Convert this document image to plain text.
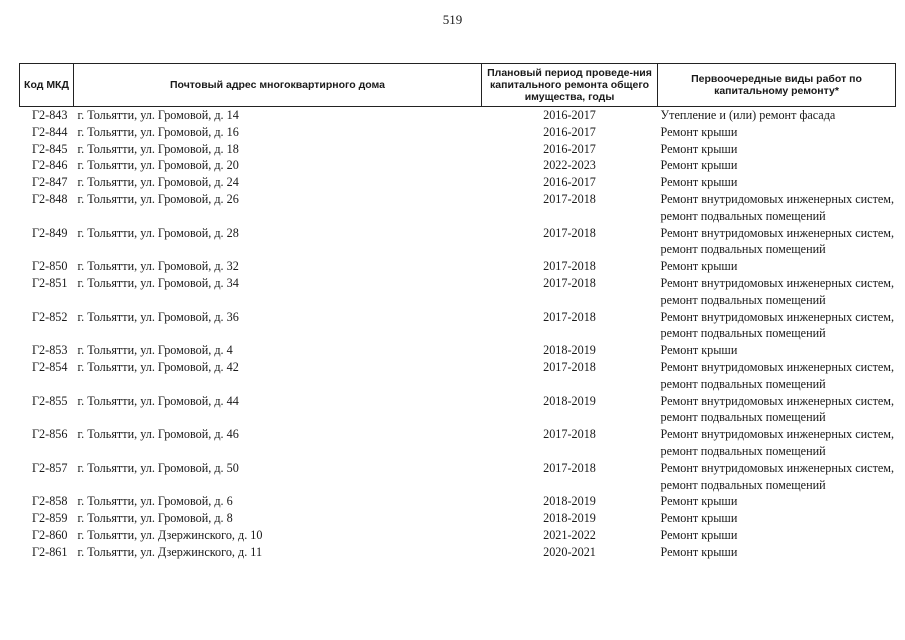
519
Код МКД	Почтовый адрес многоквартирного дома	Плановый период проведе-ния капитального ремонта общего имущества, годы	Первоочередные виды работ по капитальному ремонту*
Г2-843	г. Тольятти, ул. Громовой, д. 14	2016-2017	Утепление и (или) ремонт фасада

Г2-844	г. Тольятти, ул. Громовой, д. 16	2016-2017	Ремонт крыши

Г2-845	г. Тольятти, ул. Громовой, д. 18	2016-2017	Ремонт крыши

Г2-846	г. Тольятти, ул. Громовой, д. 20	2022-2023	Ремонт крыши

Г2-847	г. Тольятти, ул. Громовой, д. 24	2016-2017	Ремонт крыши

Г2-848	г. Тольятти, ул. Громовой, д. 26	2017-2018	Ремонт внутридомовых инженерных систем,
ремонт подвальных помещений

Г2-849	г. Тольятти, ул. Громовой, д. 28	2017-2018	Ремонт внутридомовых инженерных систем,
ремонт подвальных помещений

Г2-850	г. Тольятти, ул. Громовой, д. 32	2017-2018	Ремонт крыши

Г2-851	г. Тольятти, ул. Громовой, д. 34	2017-2018	Ремонт внутридомовых инженерных систем,
ремонт подвальных помещений

Г2-852	г. Тольятти, ул. Громовой, д. 36	2017-2018	Ремонт внутридомовых инженерных систем,
ремонт подвальных помещений

Г2-853	г. Тольятти, ул. Громовой, д. 4	2018-2019	Ремонт крыши

Г2-854	г. Тольятти, ул. Громовой, д. 42	2017-2018	Ремонт внутридомовых инженерных систем,
ремонт подвальных помещений

Г2-855	г. Тольятти, ул. Громовой, д. 44	2018-2019	Ремонт внутридомовых инженерных систем,
ремонт подвальных помещений

Г2-856	г. Тольятти, ул. Громовой, д. 46	2017-2018	Ремонт внутридомовых инженерных систем,
ремонт подвальных помещений

Г2-857	г. Тольятти, ул. Громовой, д. 50	2017-2018	Ремонт внутридомовых инженерных систем,
ремонт подвальных помещений

Г2-858	г. Тольятти, ул. Громовой, д. 6	2018-2019	Ремонт крыши

Г2-859	г. Тольятти, ул. Громовой, д. 8	2018-2019	Ремонт крыши

Г2-860	г. Тольятти, ул. Дзержинского, д. 10	2021-2022	Ремонт крыши

Г2-861	г. Тольятти, ул. Дзержинского, д. 11	2020-2021	Ремонт крыши
